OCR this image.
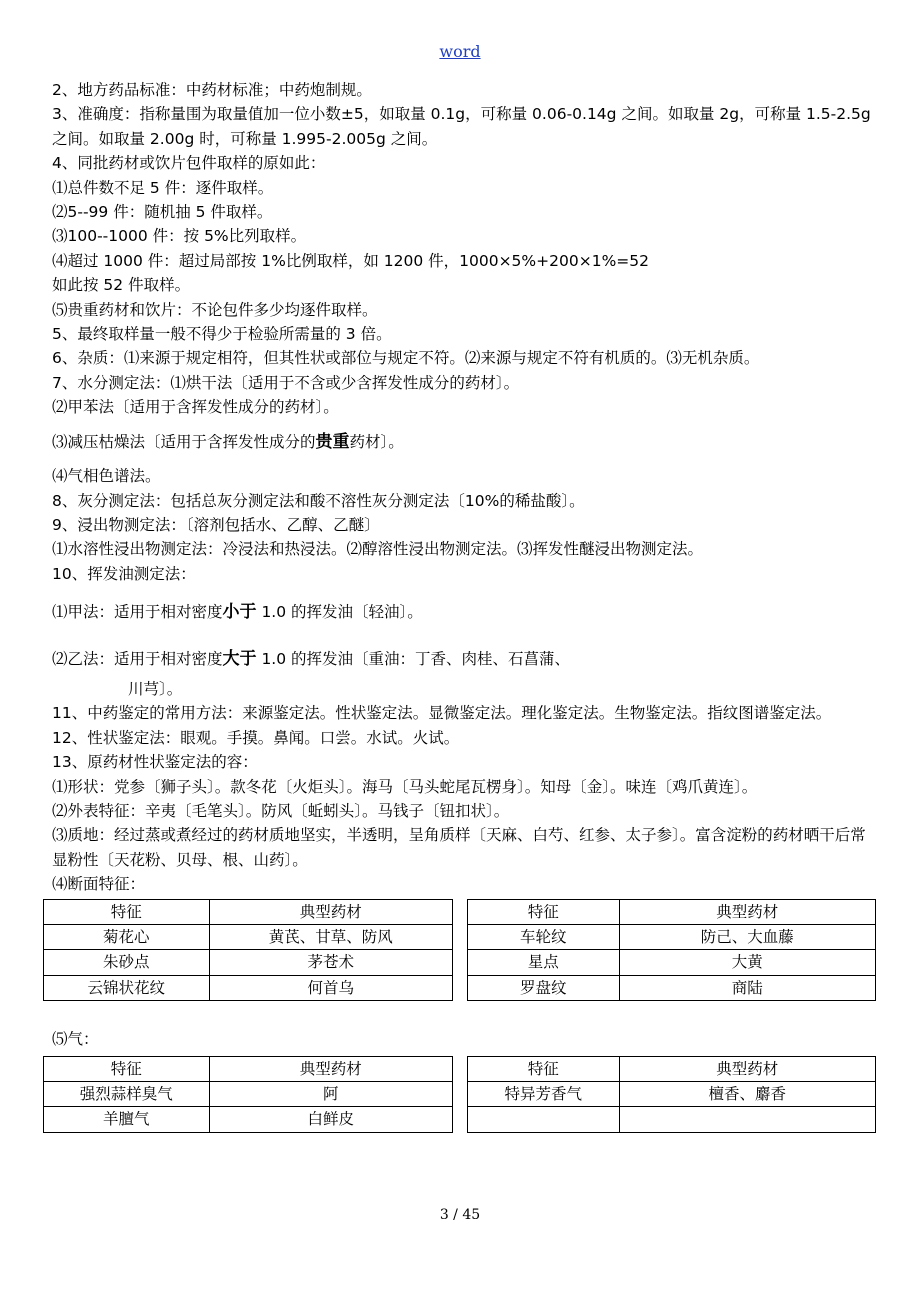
word

2、地方药品标准：中药材标准；中药炮制规。

3、准确度：指称量围为取量值加一位小数±5，如取量 0.1g，可称量 0.06-0.14g 之间。如取量 2g，可称量 1.5-2.5g 之间。如取量 2.00g 时，可称量 1.995-2.005g 之间。

4、同批药材或饮片包件取样的原如此：

⑴总件数不足 5 件：逐件取样。

⑵5--99 件：随机抽 5 件取样。

⑶100--1000 件：按 5%比列取样。

⑷超过 1000 件：超过局部按 1%比例取样，如 1200 件，1000×5%+200×1%=52

如此按 52 件取样。

⑸贵重药材和饮片：不论包件多少均逐件取样。

5、最终取样量一般不得少于检验所需量的 3 倍。

6、杂质：⑴来源于规定相符，但其性状或部位与规定不符。⑵来源与规定不符有机质的。⑶无机杂质。

7、水分测定法：⑴烘干法〔适用于不含或少含挥发性成分的药材〕。

⑵甲苯法〔适用于含挥发性成分的药材〕。

⑶减压枯燥法〔适用于含挥发性成分的贵重药材〕。

⑷气相色谱法。

8、灰分测定法：包括总灰分测定法和酸不溶性灰分测定法〔10%的稀盐酸〕。

9、浸出物测定法：〔溶剂包括水、乙醇、乙醚〕

⑴水溶性浸出物测定法：冷浸法和热浸法。⑵醇溶性浸出物测定法。⑶挥发性醚浸出物测定法。

10、挥发油测定法：

⑴甲法：适用于相对密度小于 1.0 的挥发油〔轻油〕。

⑵乙法：适用于相对密度大于 1.0 的挥发油〔重油：丁香、肉桂、石菖蒲、

川芎〕。

11、中药鉴定的常用方法：来源鉴定法。性状鉴定法。显微鉴定法。理化鉴定法。生物鉴定法。指纹图谱鉴定法。

12、性状鉴定法：眼观。手摸。鼻闻。口尝。水试。火试。

13、原药材性状鉴定法的容：

⑴形状：党参〔狮子头〕。款冬花〔火炬头〕。海马〔马头蛇尾瓦楞身〕。知母〔金〕。味连〔鸡爪黄连〕。

⑵外表特征：辛夷〔毛笔头〕。防风〔蚯蚓头〕。马钱子〔钮扣状〕。

⑶质地：经过蒸或煮经过的药材质地坚实，半透明，呈角质样〔天麻、白芍、红参、太子参〕。富含淀粉的药材晒干后常显粉性〔天花粉、贝母、根、山药〕。

⑷断面特征：

特征	典型药材		特征	典型药材
菊花心	黄芪、甘草、防风		车轮纹	防己、大血藤
朱砂点	茅苍术		星点	大黄
云锦状花纹	何首乌		罗盘纹	商陆

⑸气：

特征	典型药材		特征	典型药材
强烈蒜样臭气	阿		特异芳香气	檀香、麝香
羊膻气	白鲜皮			
3 / 45
